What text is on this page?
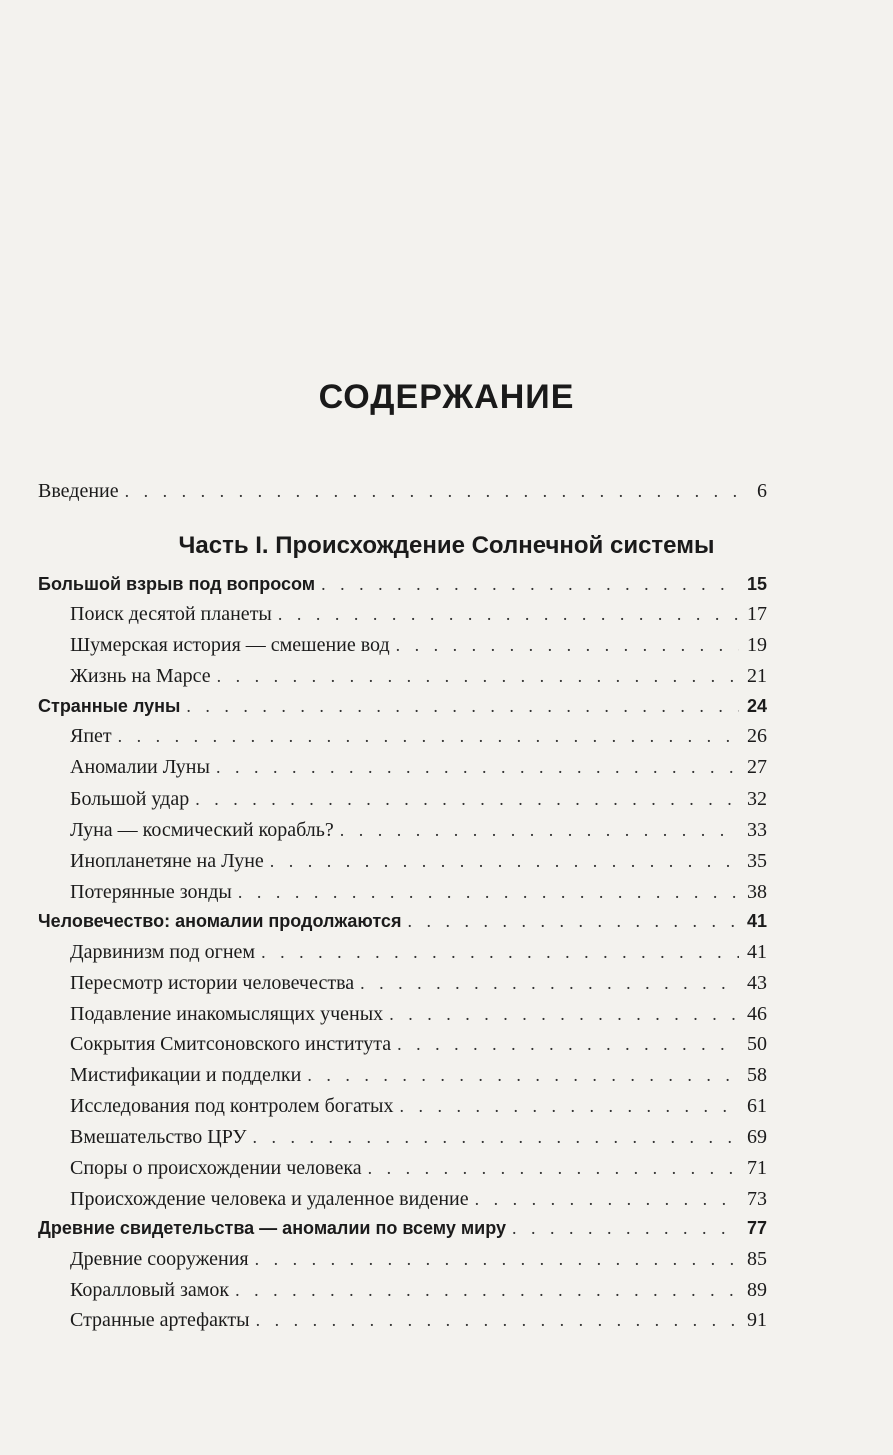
СОДЕРЖАНИЕ
Введение . . .	6
Часть I. Происхождение Солнечной системы
Большой взрыв под вопросом . . .	15
Поиск десятой планеты . . .	17
Шумерская история — смешение вод . . .	19
Жизнь на Марсе . . .	21
Странные луны . . .	24
Япет . . .	26
Аномалии Луны . . .	27
Большой удар . . .	32
Луна — космический корабль? . . .	33
Инопланетяне на Луне . . .	35
Потерянные зонды . . .	38
Человечество: аномалии продолжаются . . .	41
Дарвинизм под огнем . . .	41
Пересмотр истории человечества . . .	43
Подавление инакомыслящих ученых . . .	46
Сокрытия Смитсоновского института . . .	50
Мистификации и подделки . . .	58
Исследования под контролем богатых . . .	61
Вмешательство ЦРУ . . .	69
Споры о происхождении человека . . .	71
Происхождение человека и удаленное видение . . .	73
Древние свидетельства — аномалии по всему миру . . .	77
Древние сооружения . . .	85
Коралловый замок . . .	89
Странные артефакты . . .	91
